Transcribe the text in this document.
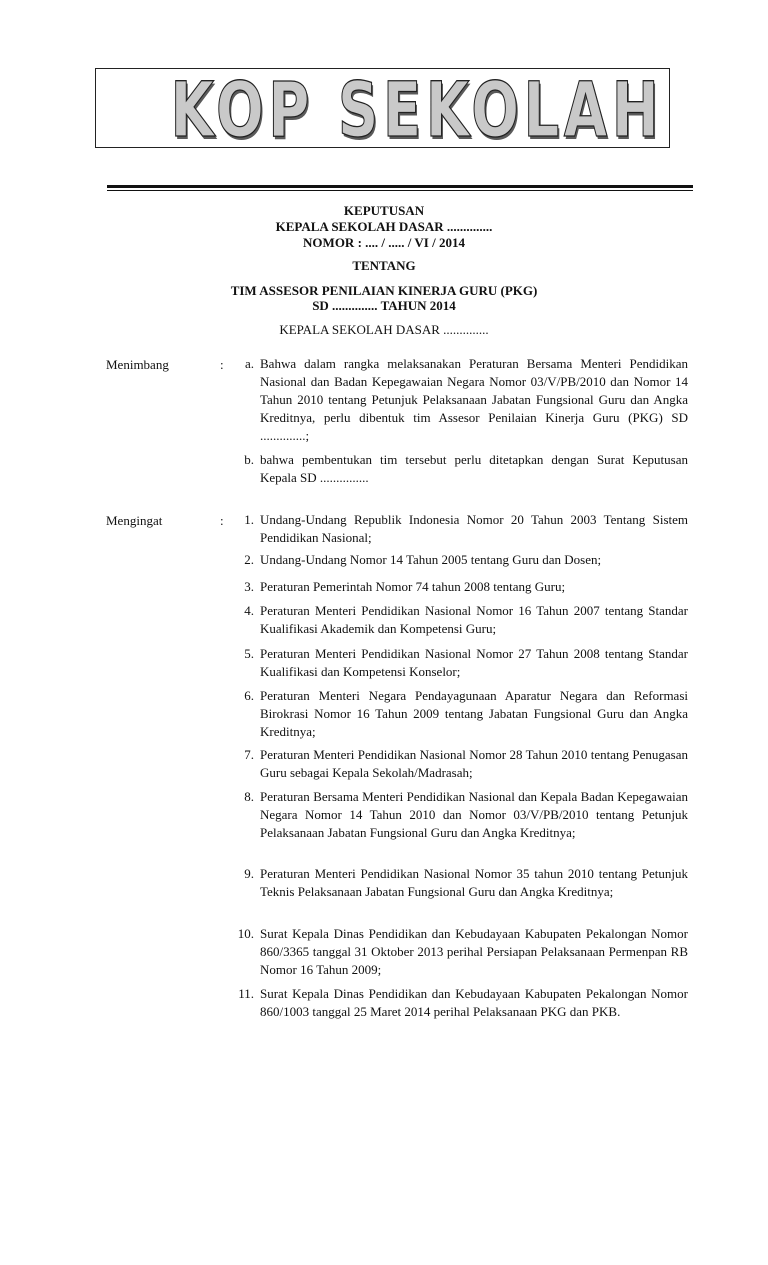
KOP SEKOLAH
KEPUTUSAN
KEPALA SEKOLAH DASAR ..............
NOMOR : .... / ..... / VI / 2014
TENTANG
TIM ASSESOR PENILAIAN KINERJA GURU (PKG)
SD .............. TAHUN 2014
KEPALA SEKOLAH DASAR ..............
Menimbang	:	a. Bahwa dalam rangka melaksanakan Peraturan Bersama Menteri Pendidikan Nasional dan Badan Kepegawaian Negara Nomor 03/V/PB/2010 dan Nomor 14 Tahun 2010 tentang Petunjuk Pelaksanaan Jabatan Fungsional Guru dan Angka Kreditnya, perlu dibentuk tim Assesor Penilaian Kinerja Guru (PKG) SD ..............;
b. bahwa pembentukan tim tersebut perlu ditetapkan dengan Surat Keputusan Kepala SD ...............
Mengingat	:	1. Undang-Undang Republik Indonesia Nomor 20 Tahun 2003 Tentang Sistem Pendidikan Nasional;
2. Undang-Undang Nomor 14 Tahun 2005 tentang Guru dan Dosen;
3. Peraturan Pemerintah Nomor 74 tahun 2008 tentang Guru;
4. Peraturan Menteri Pendidikan Nasional Nomor 16 Tahun 2007 tentang Standar Kualifikasi Akademik dan Kompetensi Guru;
5. Peraturan Menteri Pendidikan Nasional Nomor 27 Tahun 2008 tentang Standar Kualifikasi dan Kompetensi Konselor;
6. Peraturan Menteri Negara Pendayagunaan Aparatur Negara dan Reformasi Birokrasi Nomor 16 Tahun 2009 tentang Jabatan Fungsional Guru dan Angka Kreditnya;
7. Peraturan Menteri Pendidikan Nasional Nomor 28 Tahun 2010 tentang Penugasan Guru sebagai Kepala Sekolah/Madrasah;
8. Peraturan Bersama Menteri Pendidikan Nasional dan Kepala Badan Kepegawaian Negara Nomor 14 Tahun 2010 dan Nomor 03/V/PB/2010 tentang Petunjuk Pelaksanaan Jabatan Fungsional Guru dan Angka Kreditnya;
9. Peraturan Menteri Pendidikan Nasional Nomor 35 tahun 2010 tentang Petunjuk Teknis Pelaksanaan Jabatan Fungsional Guru dan Angka Kreditnya;
10. Surat Kepala Dinas Pendidikan dan Kebudayaan Kabupaten Pekalongan Nomor 860/3365 tanggal 31 Oktober 2013 perihal Persiapan Pelaksanaan Permenpan RB Nomor 16 Tahun 2009;
11. Surat Kepala Dinas Pendidikan dan Kebudayaan Kabupaten Pekalongan Nomor 860/1003 tanggal 25 Maret 2014 perihal Pelaksanaan PKG dan PKB.
